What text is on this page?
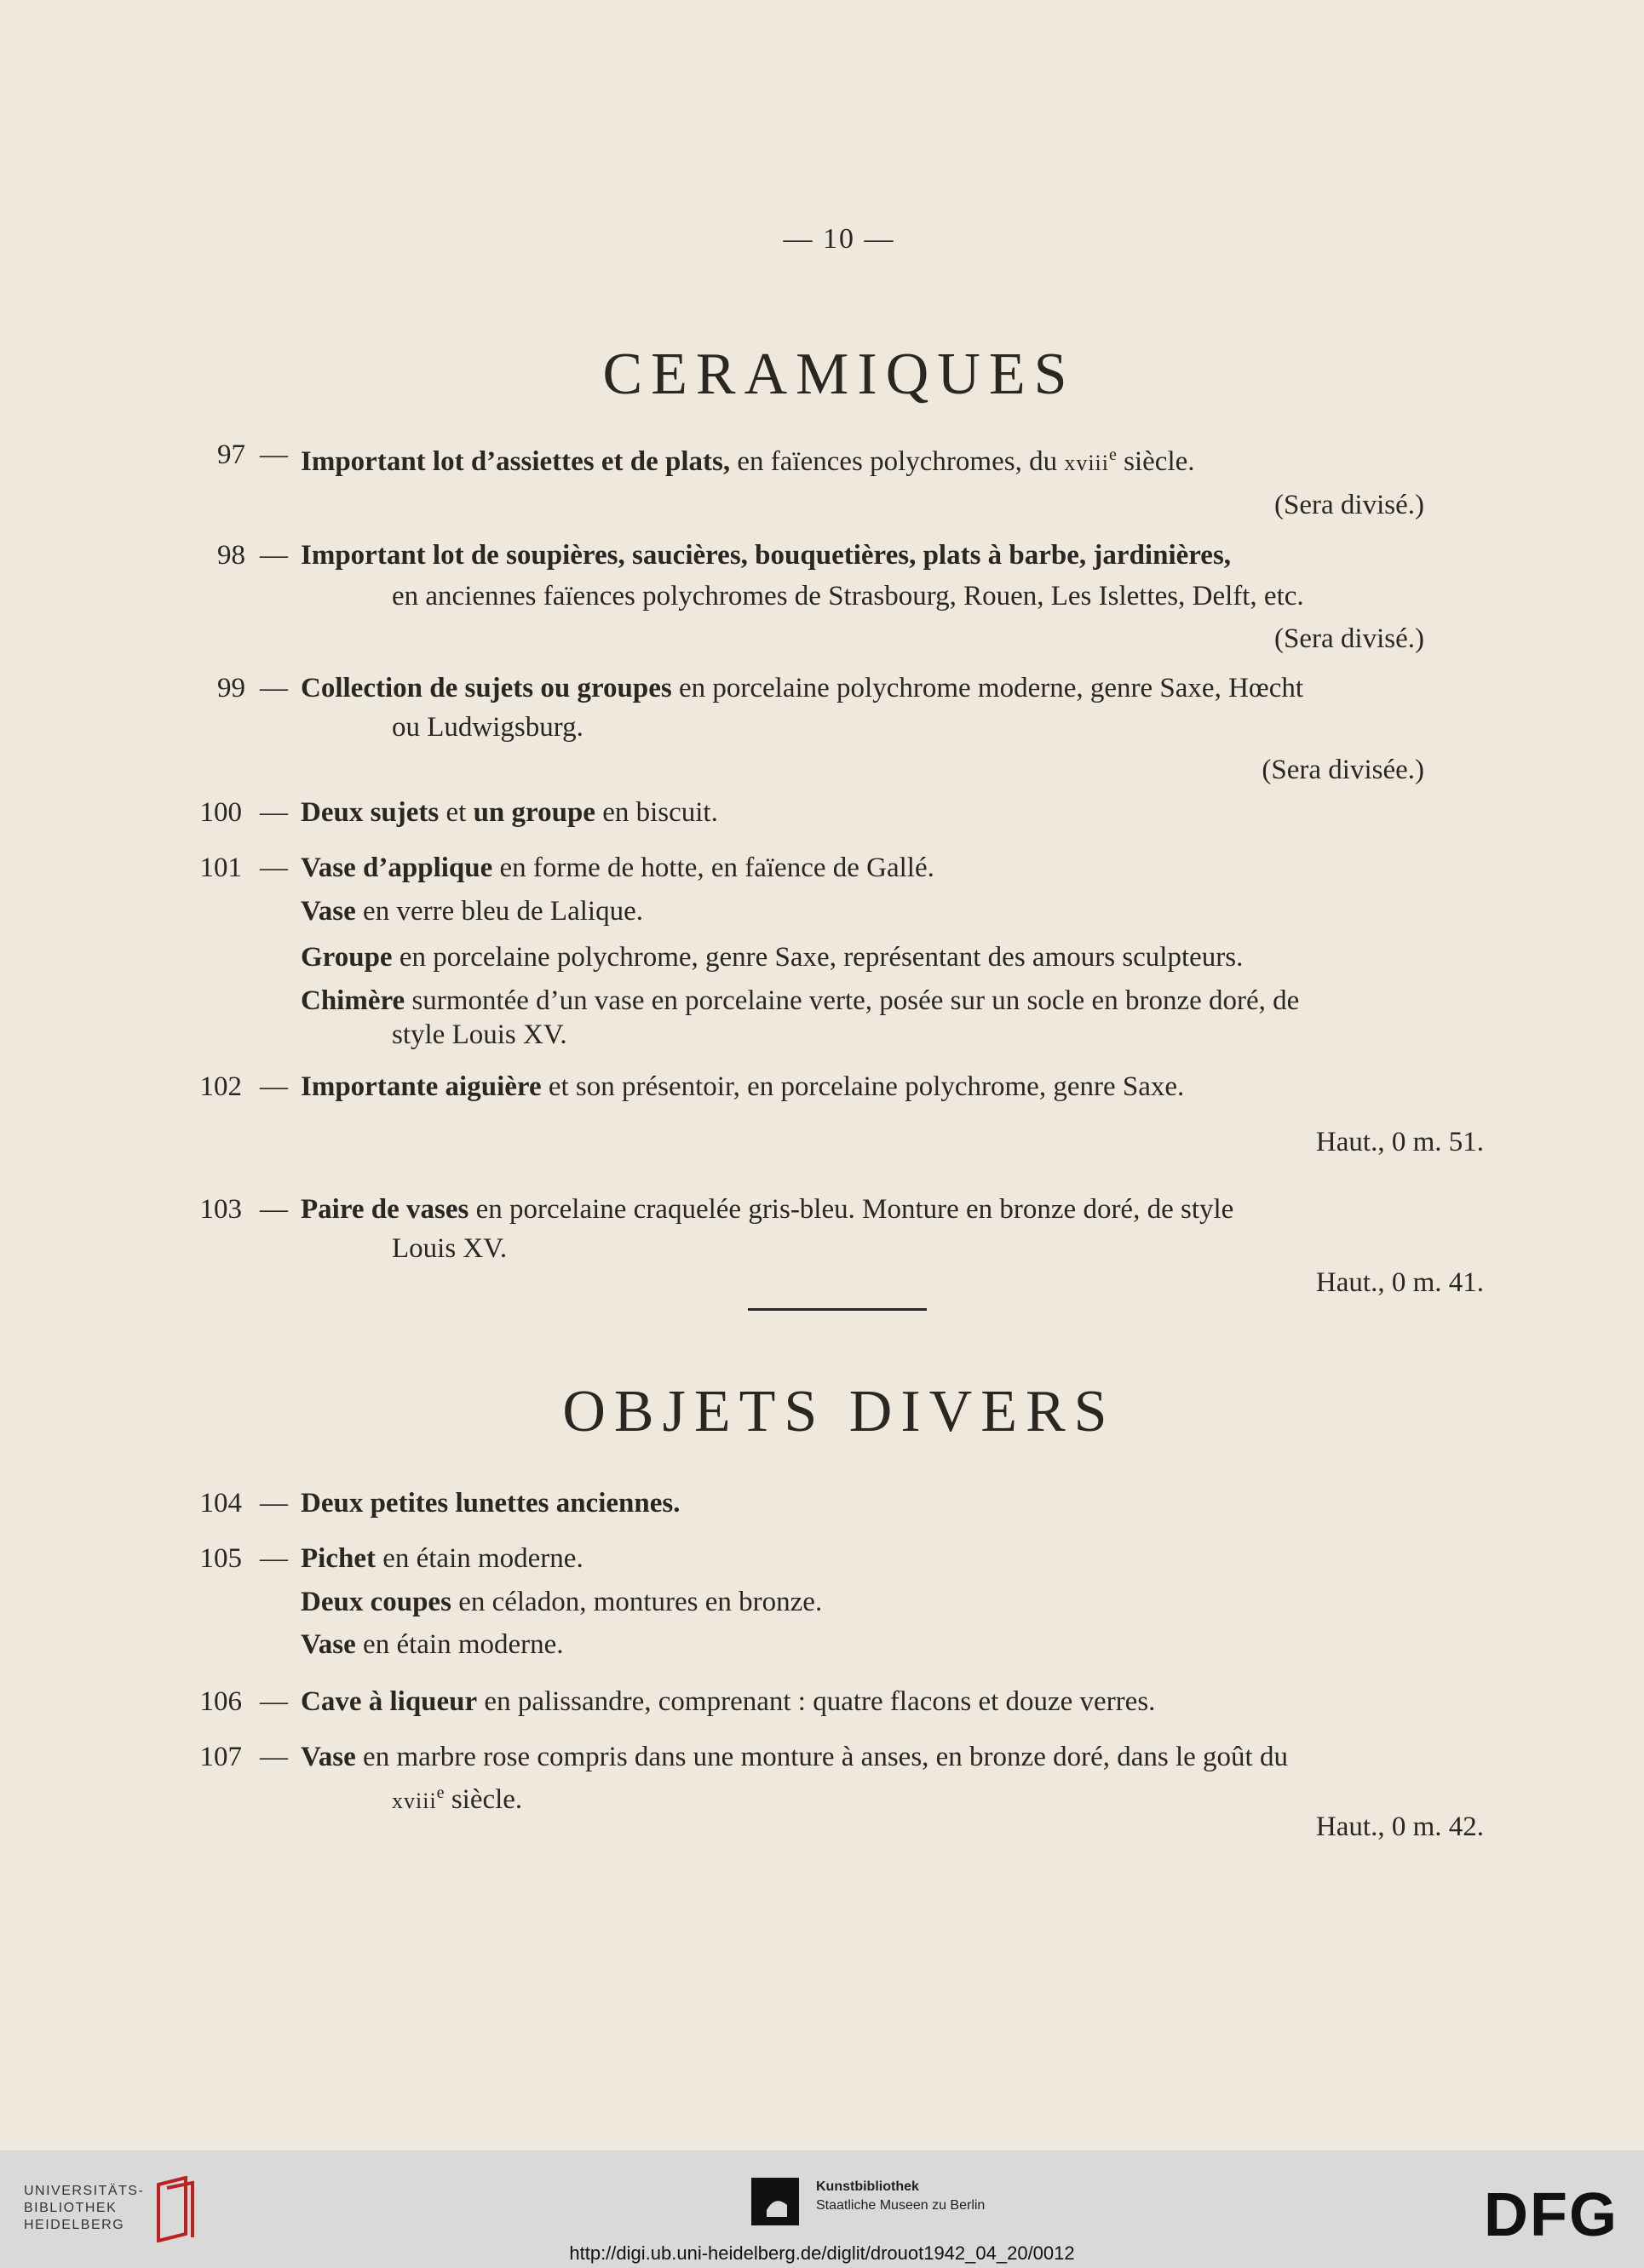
— 10 —
CERAMIQUES
97 — Important lot d’assiettes et de plats, en faïences polychromes, du xviii$^e$ siècle.
(Sera divisé.)
98 — Important lot de soupières, saucières, bouquetières, plats à barbe, jardinières,
en anciennes faïences polychromes de Strasbourg, Rouen, Les Islettes, Delft, etc.
(Sera divisé.)
99 — Collection de sujets ou groupes en porcelaine polychrome moderne, genre Saxe, Hœcht
ou Ludwigsburg.
(Sera divisée.)
100 — Deux sujets et un groupe en biscuit.
101 — Vase d’applique en forme de hotte, en faïence de Gallé.
Vase en verre bleu de Lalique.
Groupe en porcelaine polychrome, genre Saxe, représentant des amours sculpteurs.
Chimère surmontée d’un vase en porcelaine verte, posée sur un socle en bronze doré, de
style Louis XV.
102 — Importante aiguière et son présentoir, en porcelaine polychrome, genre Saxe.
Haut., 0 m. 51.
103 — Paire de vases en porcelaine craquelée gris-bleu. Monture en bronze doré, de style
Louis XV.
Haut., 0 m. 41.
OBJETS DIVERS
104 — Deux petites lunettes anciennes.
105 — Pichet en étain moderne.
Deux coupes en céladon, montures en bronze.
Vase en étain moderne.
106 — Cave à liqueur en palissandre, comprenant : quatre flacons et douze verres.
107 — Vase en marbre rose compris dans une monture à anses, en bronze doré, dans le goût du
xviii$^e$ siècle.
Haut., 0 m. 42.
UNIVERSITÄTS-
BIBLIOTHEK
HEIDELBERG
Kunstbibliothek
Staatliche Museen zu Berlin	DFG
http://digi.ub.uni-heidelberg.de/diglit/drouot1942_04_20/0012
